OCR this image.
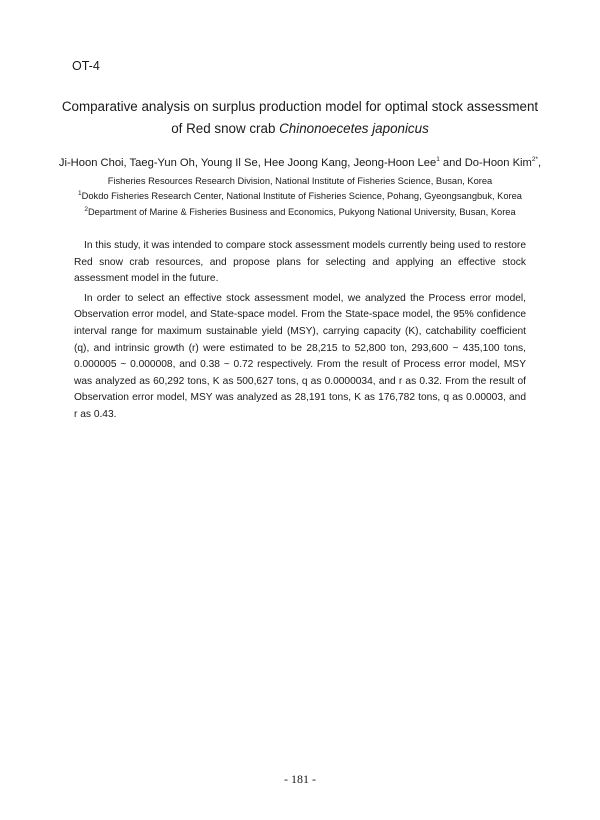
OT-4
Comparative analysis on surplus production model for optimal stock assessment
of Red snow crab Chinonoecetes japonicus
Ji-Hoon Choi, Taeg-Yun Oh, Young Il Se, Hee Joong Kang, Jeong-Hoon Lee$^1$ and Do-Hoon Kim$^{2*}$,
Fisheries Resources Research Division, National Institute of Fisheries Science, Busan, Korea
$^1$Dokdo Fisheries Research Center, National Institute of Fisheries Science, Pohang, Gyeongsangbuk, Korea
$^2$Department of Marine & Fisheries Business and Economics, Pukyong National University, Busan, Korea

In this study, it was intended to compare stock assessment models currently being used to restore Red snow crab resources, and propose plans for selecting and applying an effective stock assessment model in the future.

In order to select an effective stock assessment model, we analyzed the Process error model, Observation error model, and State-space model. From the State-space model, the 95% confidence interval range for maximum sustainable yield (MSY), carrying capacity (K), catchability coefficient (q), and intrinsic growth (r) were estimated to be 28,215 to 52,800 ton, 293,600 ~ 435,100 tons, 0.000005 ~ 0.000008, and 0.38 ~ 0.72 respectively. From the result of Process error model, MSY was analyzed as 60,292 tons, K as 500,627 tons, q as 0.0000034, and r as 0.32. From the result of Observation error model, MSY was analyzed as 28,191 tons, K as 176,782 tons, q as 0.00003, and r as 0.43.

- 181 -
